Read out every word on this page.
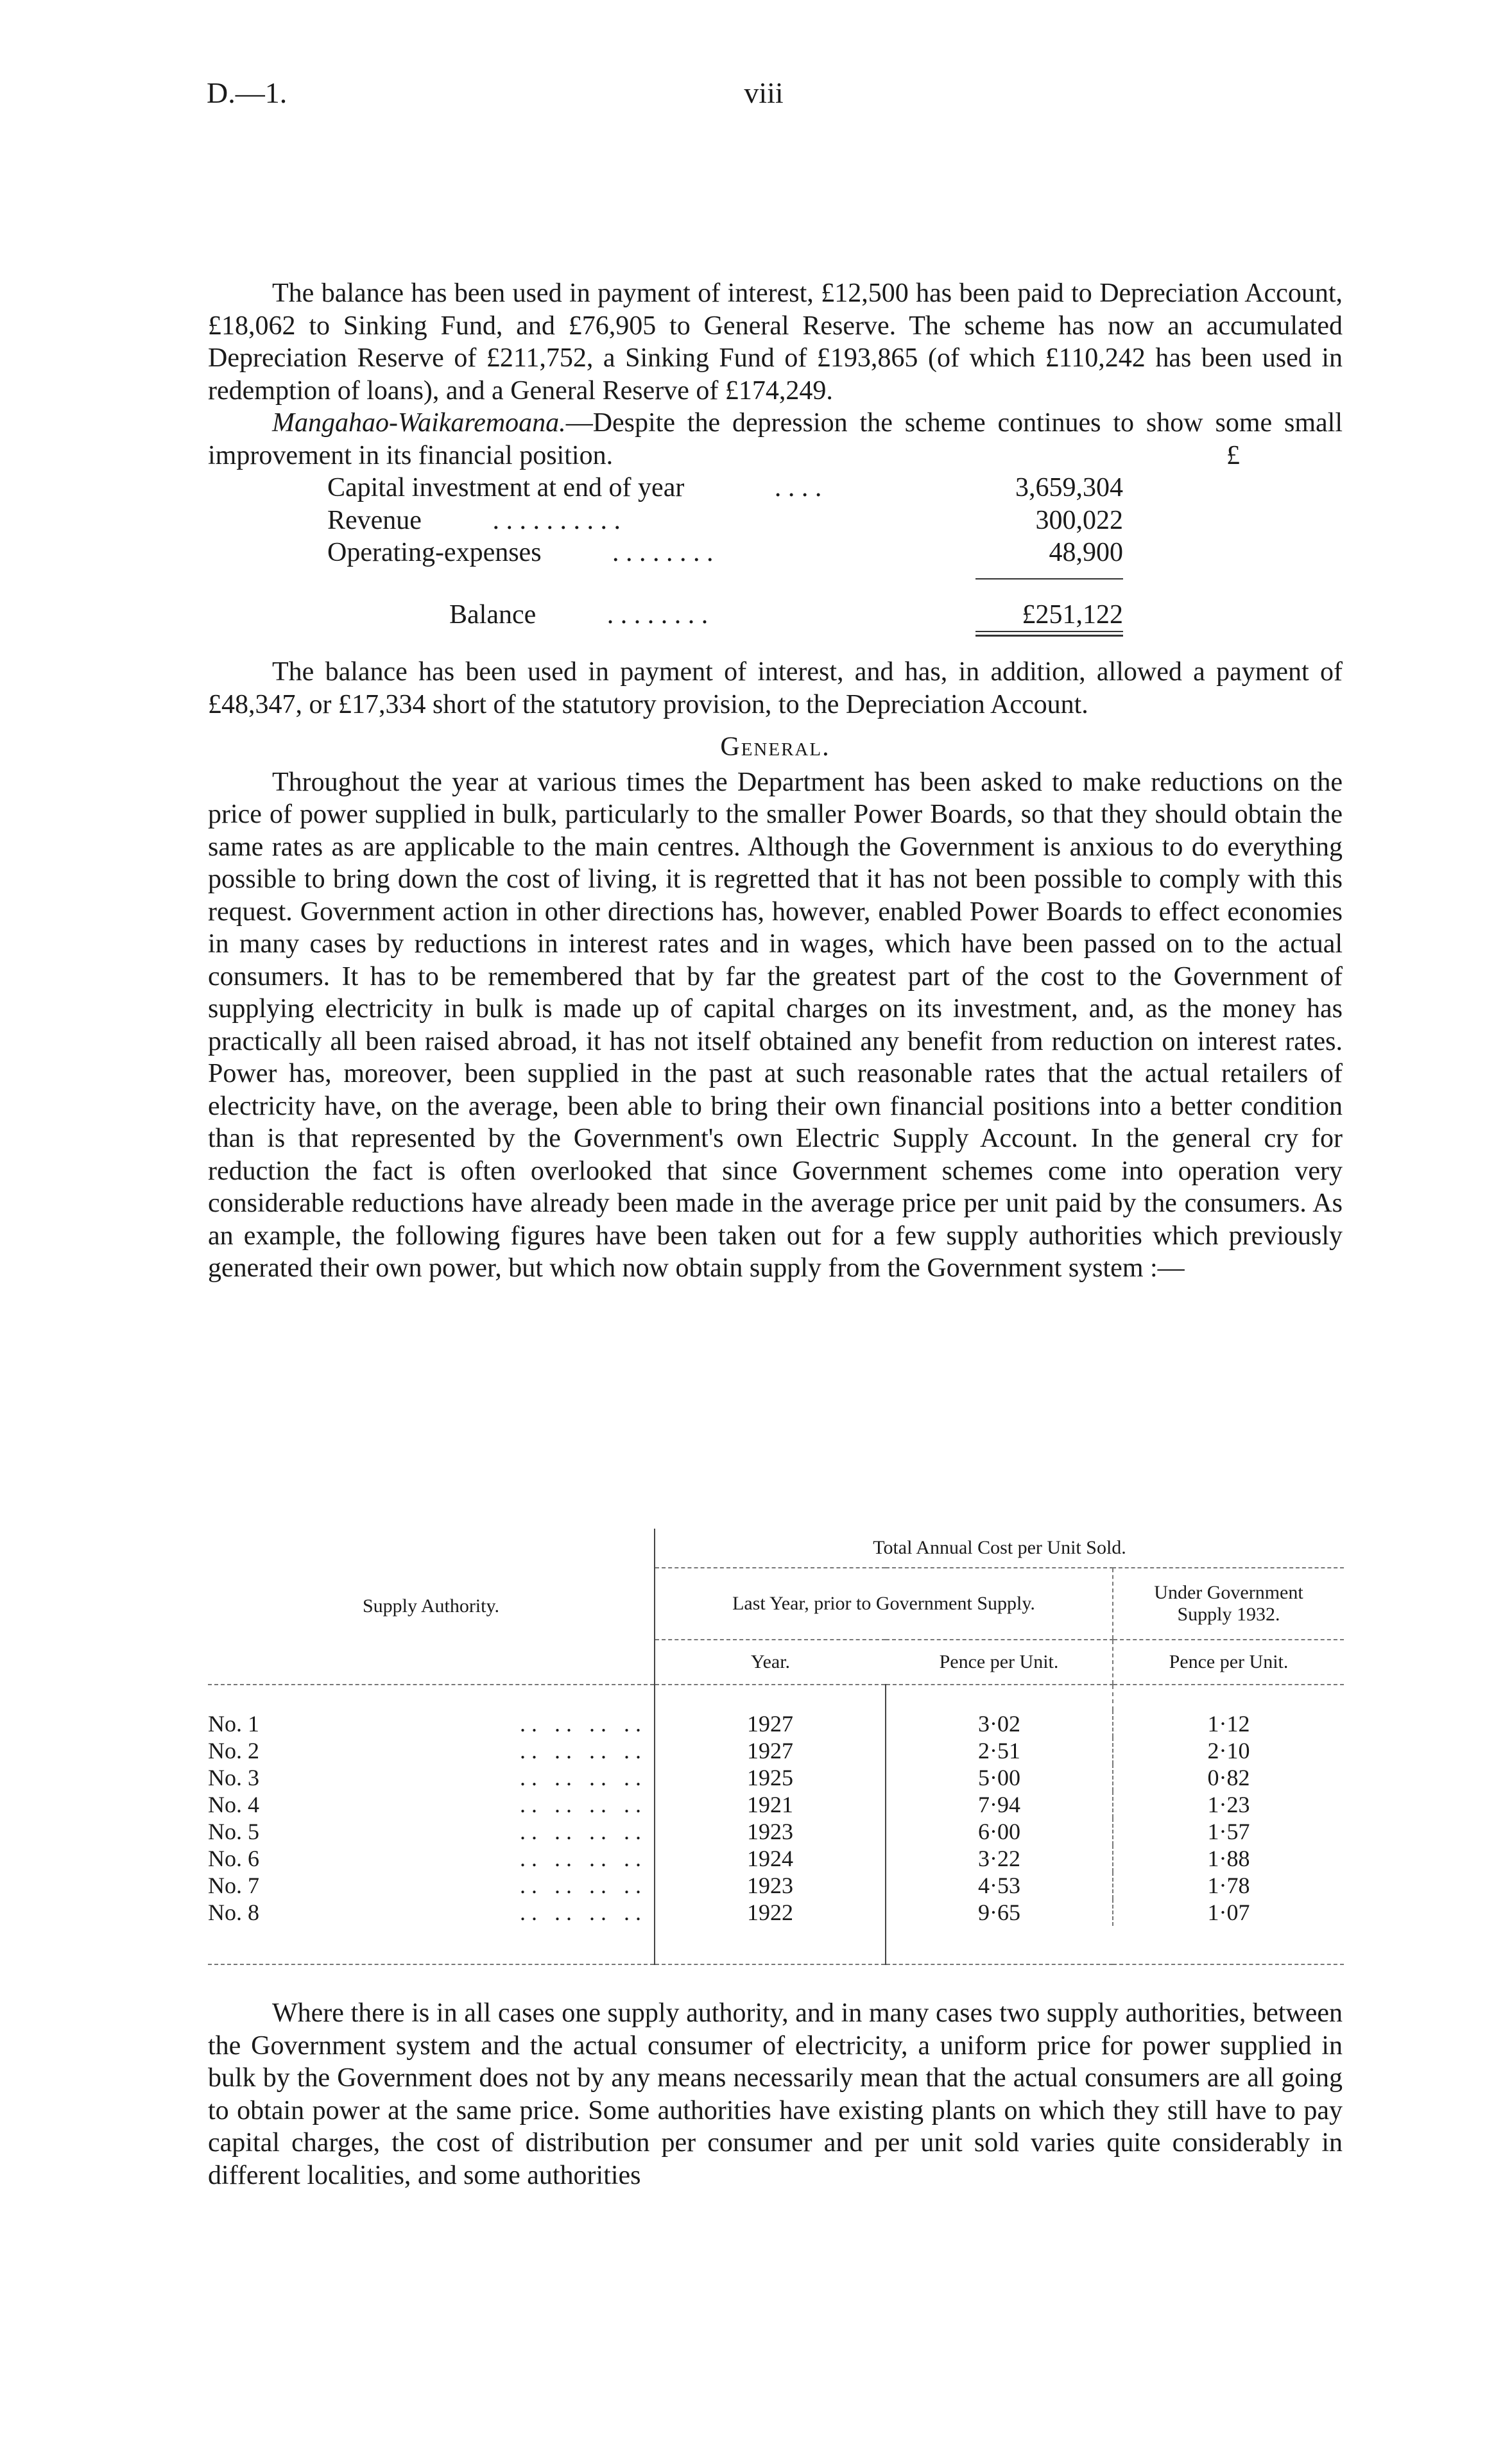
D.—1.	viii

The balance has been used in payment of interest, £12,500 has been paid to Depreciation Account, £18,062 to Sinking Fund, and £76,905 to General Reserve. The scheme has now an accumulated Depreciation Reserve of £211,752, a Sinking Fund of £193,865 (of which £110,242 has been used in redemption of loans), and a General Reserve of £174,249.

Mangahao-Waikaremoana.—Despite the depression the scheme continues to show some small improvement in its financial position.	£

Capital investment at end of year	. . . .	3,659,304
Revenue	. . . . . . . . . .	300,022
Operating-expenses	. . . . . . . .	48,900
Balance	. . . . . . . .	£251,122

The balance has been used in payment of interest, and has, in addition, allowed a payment of £48,347, or £17,334 short of the statutory provision, to the Depreciation Account.

General.

Throughout the year at various times the Department has been asked to make reductions on the price of power supplied in bulk, particularly to the smaller Power Boards, so that they should obtain the same rates as are applicable to the main centres. Although the Government is anxious to do everything possible to bring down the cost of living, it is regretted that it has not been possible to comply with this request. Government action in other directions has, however, enabled Power Boards to effect economies in many cases by reductions in interest rates and in wages, which have been passed on to the actual consumers. It has to be remembered that by far the greatest part of the cost to the Government of supplying electricity in bulk is made up of capital charges on its investment, and, as the money has practically all been raised abroad, it has not itself obtained any benefit from reduction on interest rates. Power has, moreover, been supplied in the past at such reasonable rates that the actual retailers of electricity have, on the average, been able to bring their own financial positions into a better condition than is that represented by the Government's own Electric Supply Account. In the general cry for reduction the fact is often overlooked that since Government schemes come into operation very considerable reductions have already been made in the average price per unit paid by the consumers. As an example, the following figures have been taken out for a few supply authorities which previously generated their own power, but which now obtain supply from the Government system :—

Supply Authority.	Total Annual Cost per Unit Sold.		
	Last Year, prior to Government Supply.		Under Government Supply 1932.
	Year.	Pence per Unit.	Pence per Unit.

No. 1 . .   . .   . .   . .	1927	3·02	1·12
No. 2 . .   . .   . .   . .	1927	2·51	2·10
No. 3 . .   . .   . .   . .	1925	5·00	0·82
No. 4 . .   . .   . .   . .	1921	7·94	1·23
No. 5 . .   . .   . .   . .	1923	6·00	1·57
No. 6 . .   . .   . .   . .	1924	3·22	1·88
No. 7 . .   . .   . .   . .	1923	4·53	1·78
No. 8 . .   . .   . .   . .	1922	9·65	1·07

Where there is in all cases one supply authority, and in many cases two supply authorities, between the Government system and the actual consumer of electricity, a uniform price for power supplied in bulk by the Government does not by any means necessarily mean that the actual consumers are all going to obtain power at the same price. Some authorities have existing plants on which they still have to pay capital charges, the cost of distribution per consumer and per unit sold varies quite considerably in different localities, and some authorities
